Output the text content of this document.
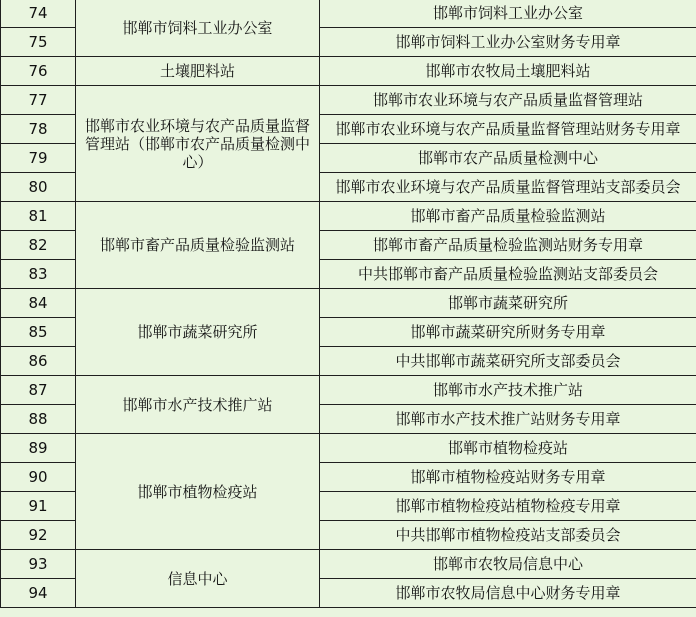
74	邯郸市饲料工业办公室	邯郸市饲料工业办公室
75		邯郸市饲料工业办公室财务专用章
76	土壤肥料站	邯郸市农牧局土壤肥料站
77	邯郸市农业环境与农产品质量监督管理站（邯郸市农产品质量检测中心）	邯郸市农业环境与农产品质量监督管理站
78		邯郸市农业环境与农产品质量监督管理站财务专用章
79		邯郸市农产品质量检测中心
80		邯郸市农业环境与农产品质量监督管理站支部委员会
81	邯郸市畜产品质量检验监测站	邯郸市畜产品质量检验监测站
82		邯郸市畜产品质量检验监测站财务专用章
83		中共邯郸市畜产品质量检验监测站支部委员会
84	邯郸市蔬菜研究所	邯郸市蔬菜研究所
85		邯郸市蔬菜研究所财务专用章
86		中共邯郸市蔬菜研究所支部委员会
87	邯郸市水产技术推广站	邯郸市水产技术推广站
88		邯郸市水产技术推广站财务专用章
89	邯郸市植物检疫站	邯郸市植物检疫站
90		邯郸市植物检疫站财务专用章
91		邯郸市植物检疫站植物检疫专用章
92		中共邯郸市植物检疫站支部委员会
93	信息中心	邯郸市农牧局信息中心
94		邯郸市农牧局信息中心财务专用章
